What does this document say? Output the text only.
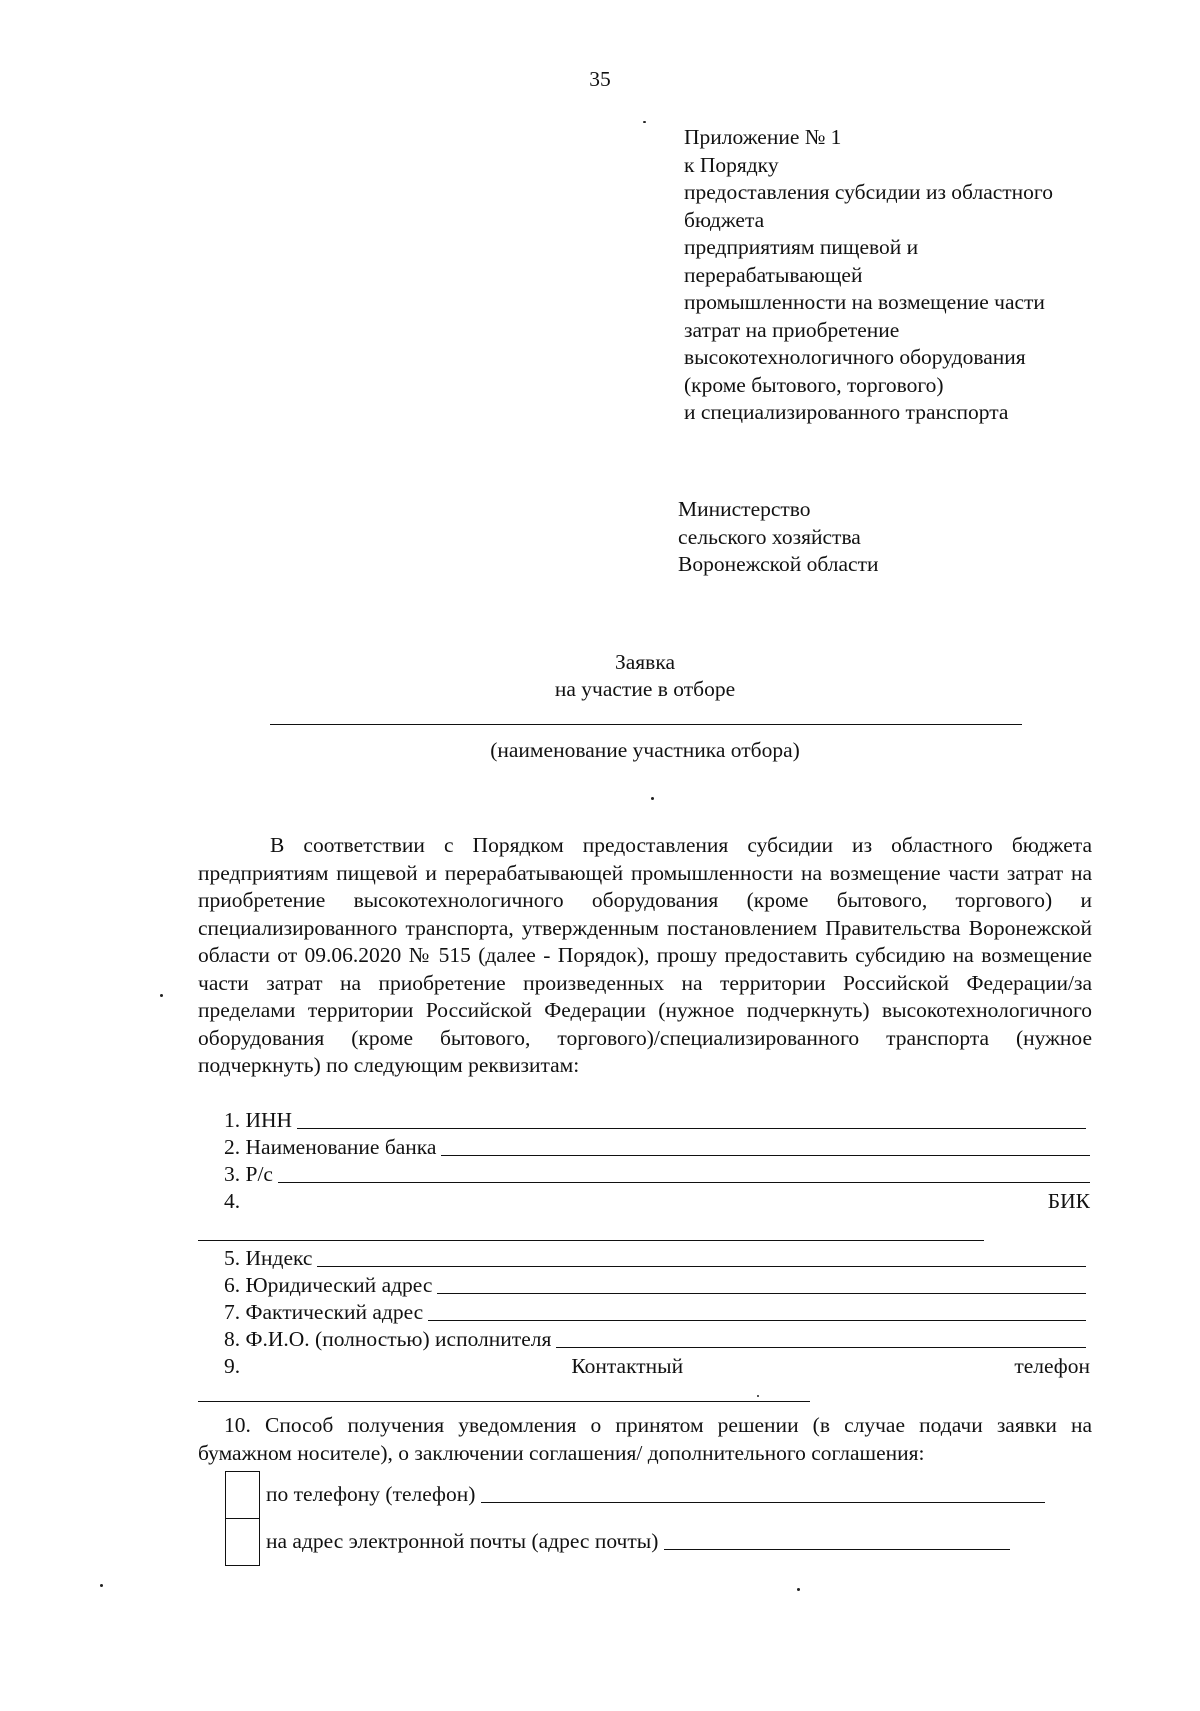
35
Приложение № 1
к Порядку
предоставления субсидии из областного
бюджета
предприятиям пищевой и
перерабатывающей
промышленности на возмещение части
затрат на приобретение
высокотехнологичного оборудования
(кроме бытового, торгового)
и специализированного транспорта
Министерство
сельского хозяйства
Воронежской области
Заявка
на участие в отборе
(наименование участника отбора)

В соответствии с Порядком предоставления субсидии из областного бюджета предприятиям пищевой и перерабатывающей промышленности на возмещение части затрат на приобретение высокотехнологичного оборудования (кроме бытового, торгового) и специализированного транспорта, утвержденным постановлением Правительства Воронежской области от 09.06.2020 № 515 (далее - Порядок), прошу предоставить субсидию на возмещение части затрат на приобретение произведенных на территории Российской Федерации/за пределами территории Российской Федерации (нужное подчеркнуть) высокотехнологичного оборудования (кроме бытового, торгового)/специализированного транспорта (нужное подчеркнуть) по следующим реквизитам:

1. ИНН
2. Наименование банка
3. Р/с
4.	БИК
5. Индекс
6. Юридический адрес
7. Фактический адрес
8. Ф.И.О. (полностью) исполнителя
9.	Контактный	телефон

10. Способ получения уведомления о принятом решении (в случае подачи заявки на бумажном носителе), о заключении соглашения/ дополнительного соглашения:

	по телефону (телефон)

	на адрес электронной почты (адрес почты)
